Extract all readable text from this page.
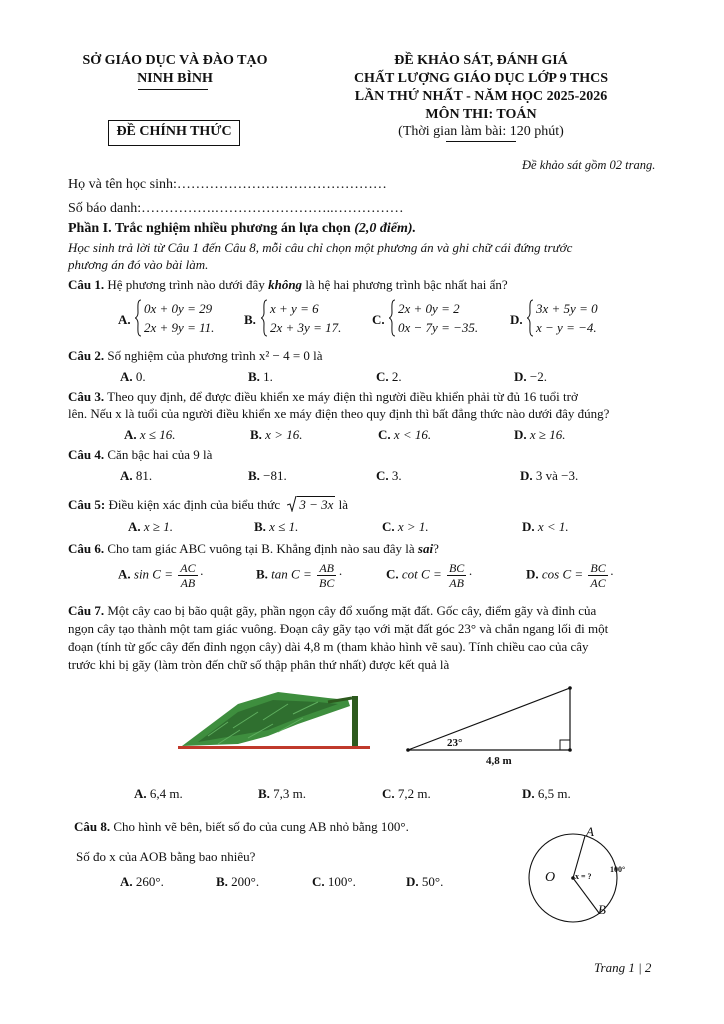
SỞ GIÁO DỤC VÀ ĐÀO TẠO
NINH BÌNH
ĐỀ CHÍNH THỨC
ĐỀ KHẢO SÁT, ĐÁNH GIÁ
CHẤT LƯỢNG GIÁO DỤC LỚP 9 THCS
LẦN THỨ NHẤT - NĂM HỌC 2025-2026
MÔN THI: TOÁN
(Thời gian làm bài: 120 phút)
Đề khảo sát gồm 02 trang.
Họ và tên học sinh:………………………………………
Số báo danh:…………….……………………..……………
Phần I. Trắc nghiệm nhiều phương án lựa chọn (2,0 điểm).
Học sinh trả lời từ Câu 1 đến Câu 8, mỗi câu chỉ chọn một phương án và ghi chữ cái đứng trước
phương án đó vào bài làm.
Câu 1. Hệ phương trình nào dưới đây không là hệ hai phương trình bậc nhất hai ẩn?
A.
0x + 0y = 29
2x + 9y = 11.
B.
x + y = 6
2x + 3y = 17.
C.
2x + 0y = 2
0x − 7y = −35.
D.
3x + 5y = 0
x − y = −4.
Câu 2. Số nghiệm của phương trình x² − 4 = 0 là
A. 0.	B. 1.	C. 2.	D. −2.
Câu 3. Theo quy định, để được điều khiển xe máy điện thì người điều khiển phải từ đủ 16 tuổi trở
lên. Nếu x là tuổi của người điều khiển xe máy điện theo quy định thì bất đẳng thức nào dưới đây đúng?
A. x ≤ 16.	B. x > 16.	C. x < 16.	D. x ≥ 16.
Câu 4. Căn bậc hai của 9 là
A. 81.	B. −81.	C. 3.	D. 3 và −3.
Câu 5: Điều kiện xác định của biểu thức 3 − 3x là
A. x ≥ 1.	B. x ≤ 1.	C. x > 1.	D. x < 1.
Câu 6. Cho tam giác ABC vuông tại B. Khẳng định nào sau đây là sai?
A. $\sin C = \frac{AC}{AB}$ ·	B. $\tan C = \frac{AB}{BC}$ ·	C. $\cot C = \frac{BC}{AB}$ ·	D. $\cos C = \frac{BC}{AC}$ ·
Câu 7. Một cây cao bị bão quật gãy, phần ngọn cây đổ xuống mặt đất. Gốc cây, điểm gãy và đỉnh của
ngọn cây tạo thành một tam giác vuông. Đoạn cây gãy tạo với mặt đất góc 23° và chắn ngang lối đi một
đoạn (tính từ gốc cây đến đỉnh ngọn cây) dài 4,8 m (tham khảo hình vẽ sau). Tính chiều cao của cây
trước khi bị gãy (làm tròn đến chữ số thập phân thứ nhất) được kết quả là
23°
4,8 m
A. 6,4 m.	B. 7,3 m.	C. 7,2 m.	D. 6,5 m.
Câu 8. Cho hình vẽ bên, biết số đo của cung AB nhỏ bằng 100°.
Số đo x của AOB bằng bao nhiêu?
A. 260°.	B. 200°.	C. 100°.	D. 50°.
A
B
O x = ?
100°
Trang 1 | 2
